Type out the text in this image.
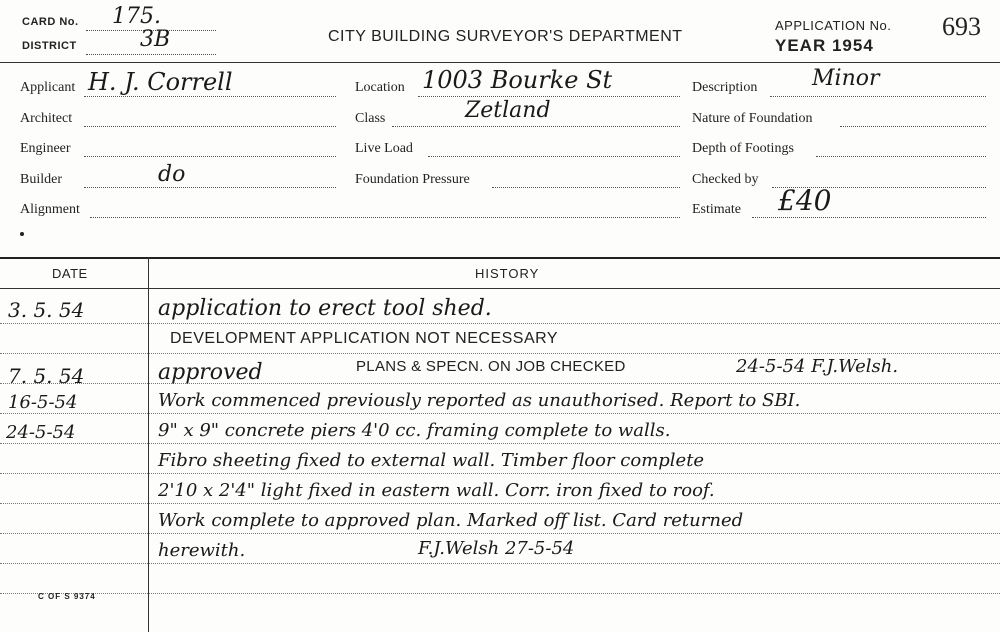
CARD No. 175.
DISTRICT	3B	CITY BUILDING SURVEYOR'S DEPARTMENT
APPLICATION No.
YEAR 1954
693
Applicant H. J. Correll
Architect
Engineer
Builder	do
Alignment
Location 1003 Bourke St
Class	Zetland
Live Load
Foundation Pressure
Description Minor
Nature of Foundation
Depth of Footings
Checked by
Estimate £40
DATE	HISTORY
3. 5. 54	application to erect tool shed.
DEVELOPMENT APPLICATION NOT NECESSARY
7. 5. 54	approved	PLANS & SPECN. ON JOB CHECKED	24-5-54 F.J.Welsh.
16-5-54	Work commenced previously reported as unauthorised. Report to SBI.
24-5-54	9" x 9" concrete piers 4'0 cc. framing complete to walls.
Fibro sheeting fixed to external wall. Timber floor complete
2'10 x 2'4" light fixed in eastern wall. Corr. iron fixed to roof.
Work complete to approved plan. Marked off list. Card returned
herewith.	F.J.Welsh 27-5-54
C OF S 9374
